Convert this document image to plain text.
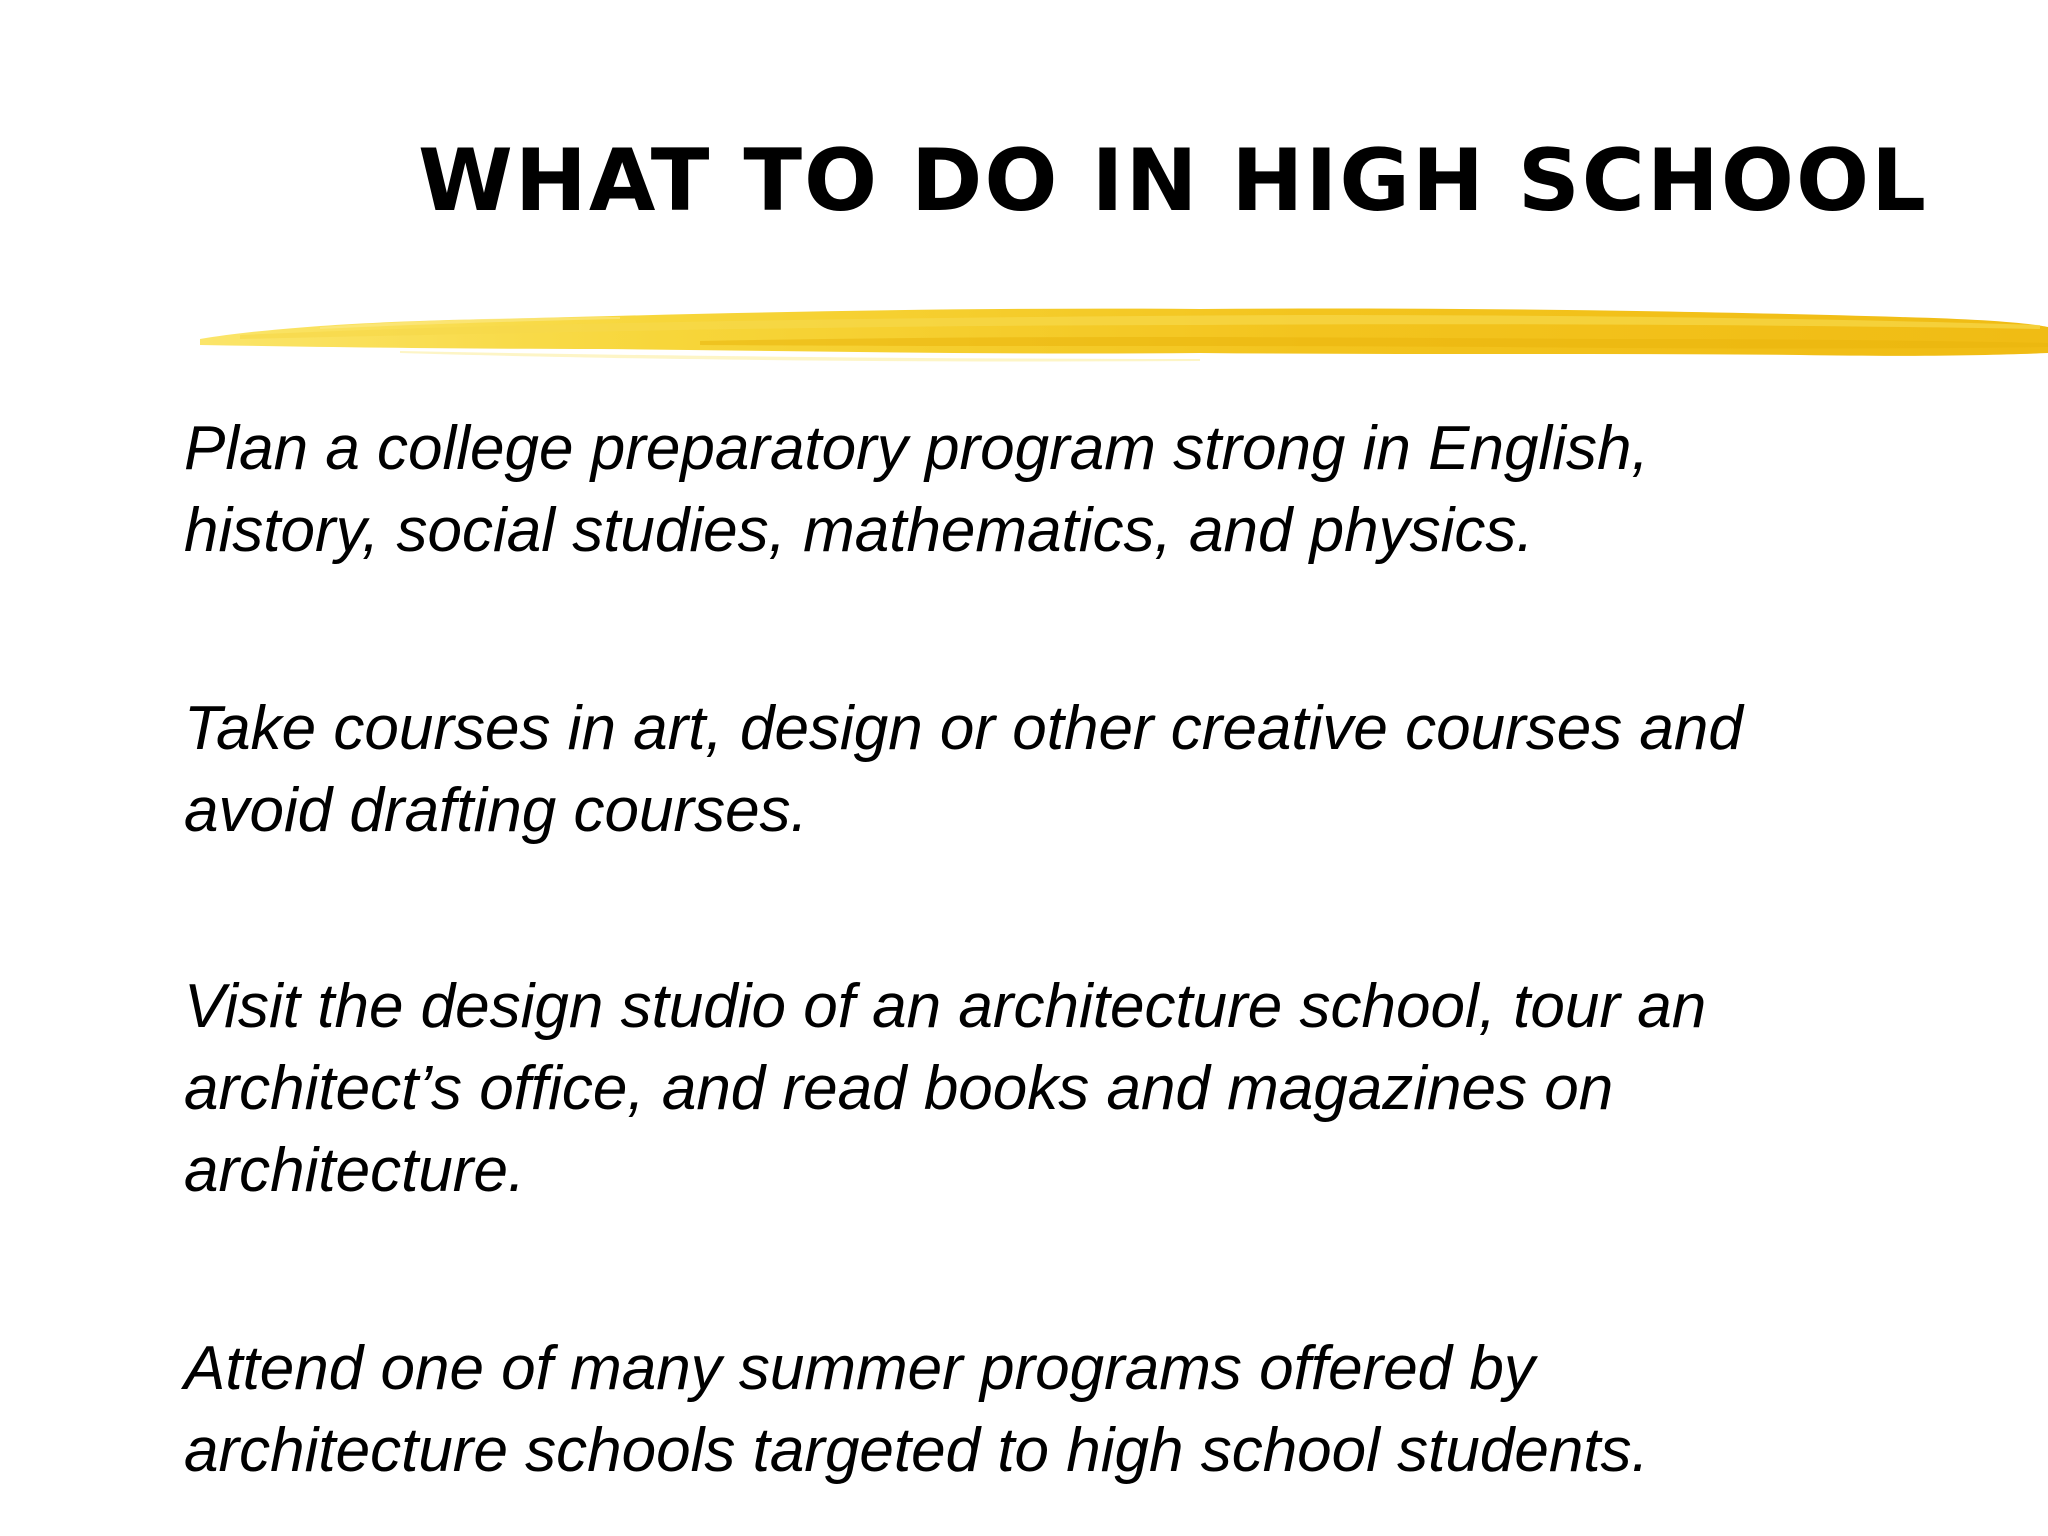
WHAT TO DO IN HIGH SCHOOL
Plan a college preparatory program strong in English,
history, social studies, mathematics, and physics.
Take courses in art, design or other creative courses and
avoid drafting courses.
Visit the design studio of an architecture school, tour an
architect’s office, and read books and magazines on
architecture.
Attend one of many summer programs offered by
architecture schools targeted to high school students.
